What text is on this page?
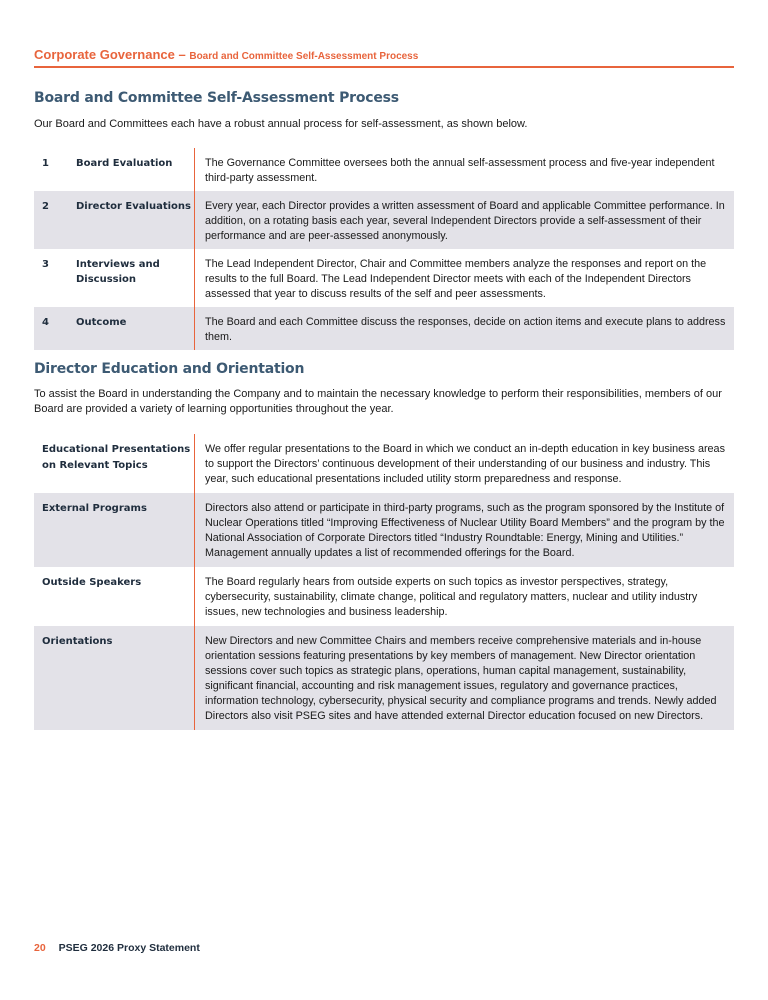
Corporate Governance – Board and Committee Self-Assessment Process
Board and Committee Self-Assessment Process

Our Board and Committees each have a robust annual process for self-assessment, as shown below.

1	Board Evaluation	The Governance Committee oversees both the annual self-assessment process and five-year independent third-party assessment.

2	Director Evaluations	Every year, each Director provides a written assessment of Board and applicable Committee performance. In addition, on a rotating basis each year, several Independent Directors provide a self-assessment of their performance and are peer-assessed anonymously.

3	Interviews and Discussion	The Lead Independent Director, Chair and Committee members analyze the responses and report on the results to the full Board. The Lead Independent Director meets with each of the Independent Directors assessed that year to discuss results of the self and peer assessments.

4	Outcome	The Board and each Committee discuss the responses, decide on action items and execute plans to address them.
Director Education and Orientation

To assist the Board in understanding the Company and to maintain the necessary knowledge to perform their responsibilities, members of our Board are provided a variety of learning opportunities throughout the year.

Educational Presentations on Relevant Topics	We offer regular presentations to the Board in which we conduct an in-depth education in key business areas to support the Directors’ continuous development of their understanding of our business and industry. This year, such educational presentations included utility storm preparedness and response.

External Programs	Directors also attend or participate in third-party programs, such as the program sponsored by the Institute of Nuclear Operations titled “Improving Effectiveness of Nuclear Utility Board Members” and the program by the National Association of Corporate Directors titled “Industry Roundtable: Energy, Mining and Utilities.” Management annually updates a list of recommended offerings for the Board.

Outside Speakers	The Board regularly hears from outside experts on such topics as investor perspectives, strategy, cybersecurity, sustainability, climate change, political and regulatory matters, nuclear and utility industry issues, new technologies and business leadership.

Orientations	New Directors and new Committee Chairs and members receive comprehensive materials and in-house orientation sessions featuring presentations by key members of management. New Director orientation sessions cover such topics as strategic plans, operations, human capital management, sustainability, significant financial, accounting and risk management issues, regulatory and governance practices, information technology, cybersecurity, physical security and compliance programs and trends. Newly added Directors also visit PSEG sites and have attended external Director education focused on new Directors.
20 PSEG 2026 Proxy Statement
